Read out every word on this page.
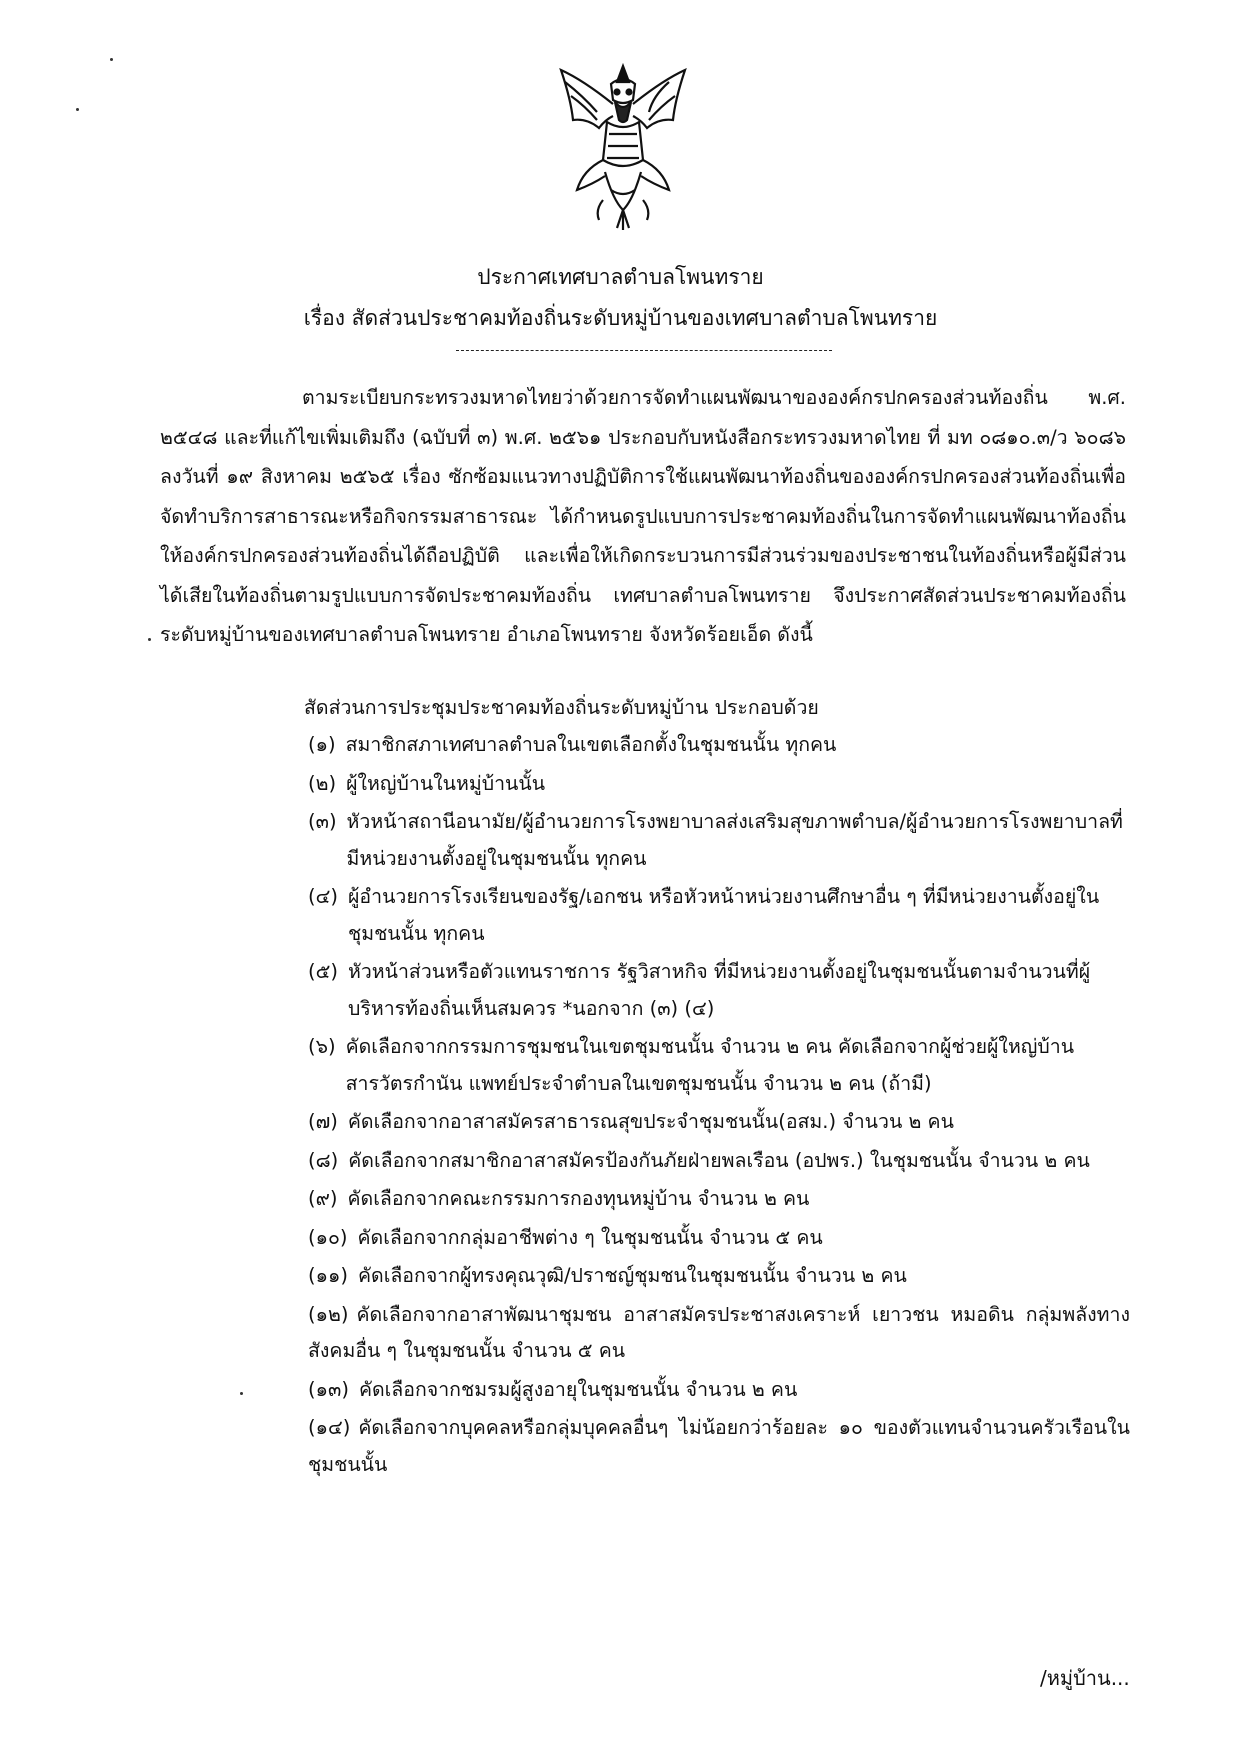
ประกาศเทศบาลตำบลโพนทราย
เรื่อง สัดส่วนประชาคมท้องถิ่นระดับหมู่บ้านของเทศบาลตำบลโพนทราย
ตามระเบียบกระทรวงมหาดไทยว่าด้วยการจัดทำแผนพัฒนาขององค์กรปกครองส่วนท้องถิ่น พ.ศ. ๒๕๔๘ และที่แก้ไขเพิ่มเติมถึง (ฉบับที่ ๓) พ.ศ. ๒๕๖๑ ประกอบกับหนังสือกระทรวงมหาดไทย ที่ มท ๐๘๑๐.๓/ว ๖๐๘๖ ลงวันที่ ๑๙ สิงหาคม ๒๕๖๕ เรื่อง ซักซ้อมแนวทางปฏิบัติการใช้แผนพัฒนาท้องถิ่นขององค์กรปกครองส่วนท้องถิ่นเพื่อจัดทำบริการสาธารณะหรือกิจกรรมสาธารณะ ได้กำหนดรูปแบบการประชาคมท้องถิ่นในการจัดทำแผนพัฒนาท้องถิ่นให้องค์กรปกครองส่วนท้องถิ่นได้ถือปฏิบัติ และเพื่อให้เกิดกระบวนการมีส่วนร่วมของประชาชนในท้องถิ่นหรือผู้มีส่วนได้เสียในท้องถิ่นตามรูปแบบการจัดประชาคมท้องถิ่น เทศบาลตำบลโพนทราย จึงประกาศสัดส่วนประชาคมท้องถิ่นระดับหมู่บ้านของเทศบาลตำบลโพนทราย อำเภอโพนทราย จังหวัดร้อยเอ็ด ดังนี้
สัดส่วนการประชุมประชาคมท้องถิ่นระดับหมู่บ้าน ประกอบด้วย
(๑) สมาชิกสภาเทศบาลตำบลในเขตเลือกตั้งในชุมชนนั้น ทุกคน
(๒) ผู้ใหญ่บ้านในหมู่บ้านนั้น
(๓) หัวหน้าสถานีอนามัย/ผู้อำนวยการโรงพยาบาลส่งเสริมสุขภาพตำบล/ผู้อำนวยการโรงพยาบาลที่มีหน่วยงานตั้งอยู่ในชุมชนนั้น ทุกคน
(๔) ผู้อำนวยการโรงเรียนของรัฐ/เอกชน หรือหัวหน้าหน่วยงานศึกษาอื่น ๆ ที่มีหน่วยงานตั้งอยู่ในชุมชนนั้น ทุกคน
(๕) หัวหน้าส่วนหรือตัวแทนราชการ รัฐวิสาหกิจ ที่มีหน่วยงานตั้งอยู่ในชุมชนนั้นตามจำนวนที่ผู้บริหารท้องถิ่นเห็นสมควร *นอกจาก (๓) (๔)
(๖) คัดเลือกจากกรรมการชุมชนในเขตชุมชนนั้น จำนวน ๒ คน คัดเลือกจากผู้ช่วยผู้ใหญ่บ้าน สารวัตรกำนัน แพทย์ประจำตำบลในเขตชุมชนนั้น จำนวน ๒ คน (ถ้ามี)
(๗) คัดเลือกจากอาสาสมัครสาธารณสุขประจำชุมชนนั้น(อสม.) จำนวน ๒ คน
(๘) คัดเลือกจากสมาชิกอาสาสมัครป้องกันภัยฝ่ายพลเรือน (อปพร.) ในชุมชนนั้น จำนวน ๒ คน
(๙) คัดเลือกจากคณะกรรมการกองทุนหมู่บ้าน จำนวน ๒ คน
(๑๐) คัดเลือกจากกลุ่มอาชีพต่าง ๆ ในชุมชนนั้น จำนวน ๕ คน
(๑๑) คัดเลือกจากผู้ทรงคุณวุฒิ/ปราชญ์ชุมชนในชุมชนนั้น จำนวน ๒ คน
(๑๒) คัดเลือกจากอาสาพัฒนาชุมชน อาสาสมัครประชาสงเคราะห์ เยาวชน หมอดิน กลุ่มพลังทางสังคมอื่น ๆ ในชุมชนนั้น จำนวน ๕ คน
(๑๓) คัดเลือกจากชมรมผู้สูงอายุในชุมชนนั้น จำนวน ๒ คน
(๑๔) คัดเลือกจากบุคคลหรือกลุ่มบุคคลอื่นๆ ไม่น้อยกว่าร้อยละ ๑๐ ของตัวแทนจำนวนครัวเรือนในชุมชนนั้น
/หมู่บ้าน...
